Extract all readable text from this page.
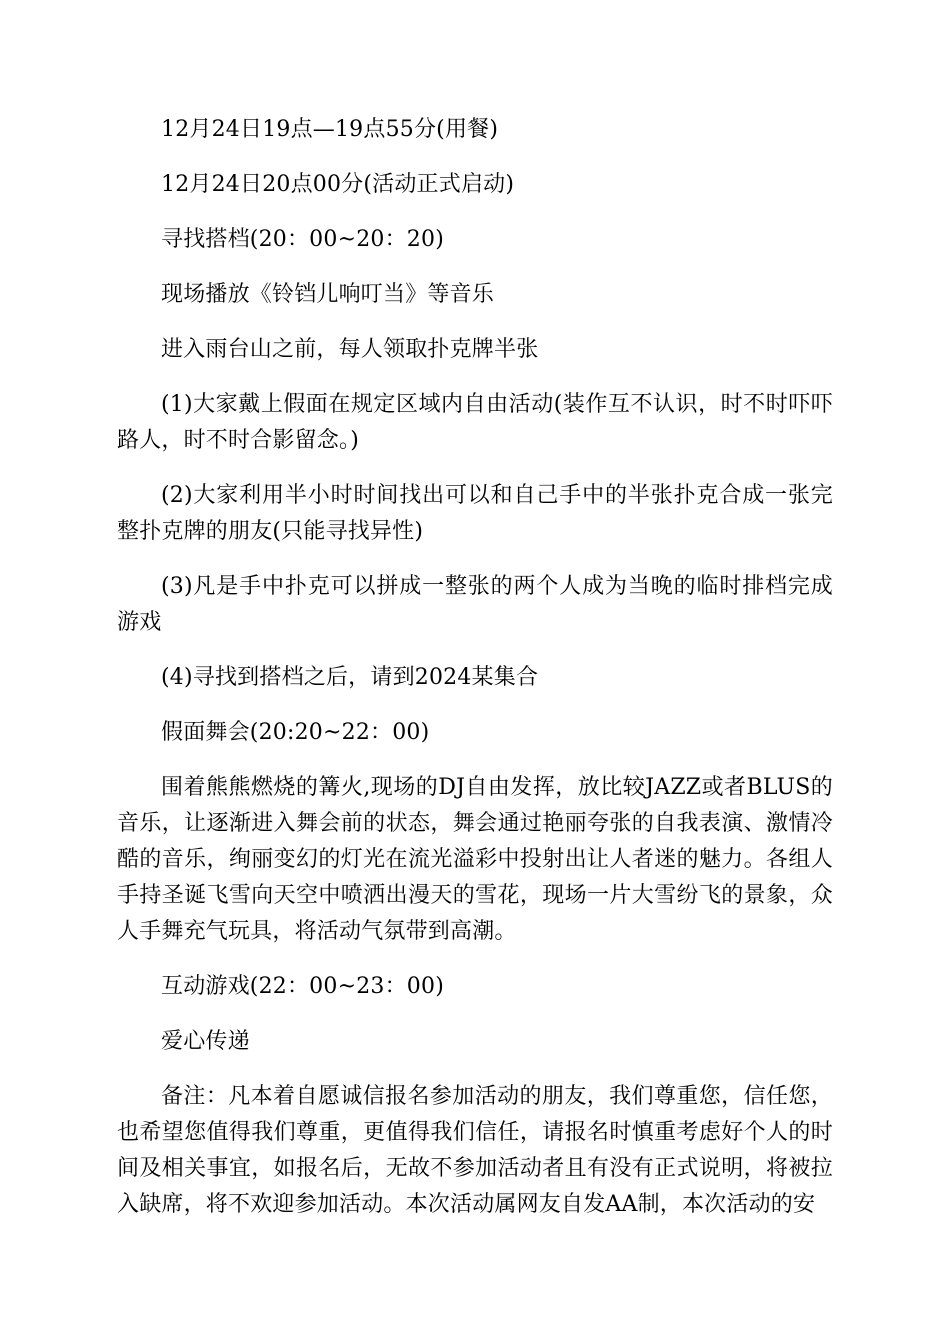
12月24日19点—19点55分(用餐)

12月24日20点00分(活动正式启动)

寻找搭档(20：00~20：20)

现场播放《铃铛儿响叮当》等音乐

进入雨台山之前，每人领取扑克牌半张

(1)大家戴上假面在规定区域内自由活动(装作互不认识，时不时吓吓路人，时不时合影留念。)

(2)大家利用半小时时间找出可以和自己手中的半张扑克合成一张完整扑克牌的朋友(只能寻找异性)

(3)凡是手中扑克可以拼成一整张的两个人成为当晚的临时排档完成游戏

(4)寻找到搭档之后，请到2024某集合

假面舞会(20:20~22：00)

围着熊熊燃烧的篝火,现场的DJ自由发挥，放比较JAZZ或者BLUS的音乐，让逐渐进入舞会前的状态，舞会通过艳丽夸张的自我表演、激情冷酷的音乐，绚丽变幻的灯光在流光溢彩中投射出让人者迷的魅力。各组人手持圣诞飞雪向天空中喷洒出漫天的雪花，现场一片大雪纷飞的景象，众人手舞充气玩具，将活动气氛带到高潮。

互动游戏(22：00~23：00)

爱心传递

备注：凡本着自愿诚信报名参加活动的朋友，我们尊重您，信任您，也希望您值得我们尊重，更值得我们信任，请报名时慎重考虑好个人的时间及相关事宜，如报名后，无故不参加活动者且有没有正式说明，将被拉入缺席，将不欢迎参加活动。本次活动属网友自发AA制，本次活动的安
